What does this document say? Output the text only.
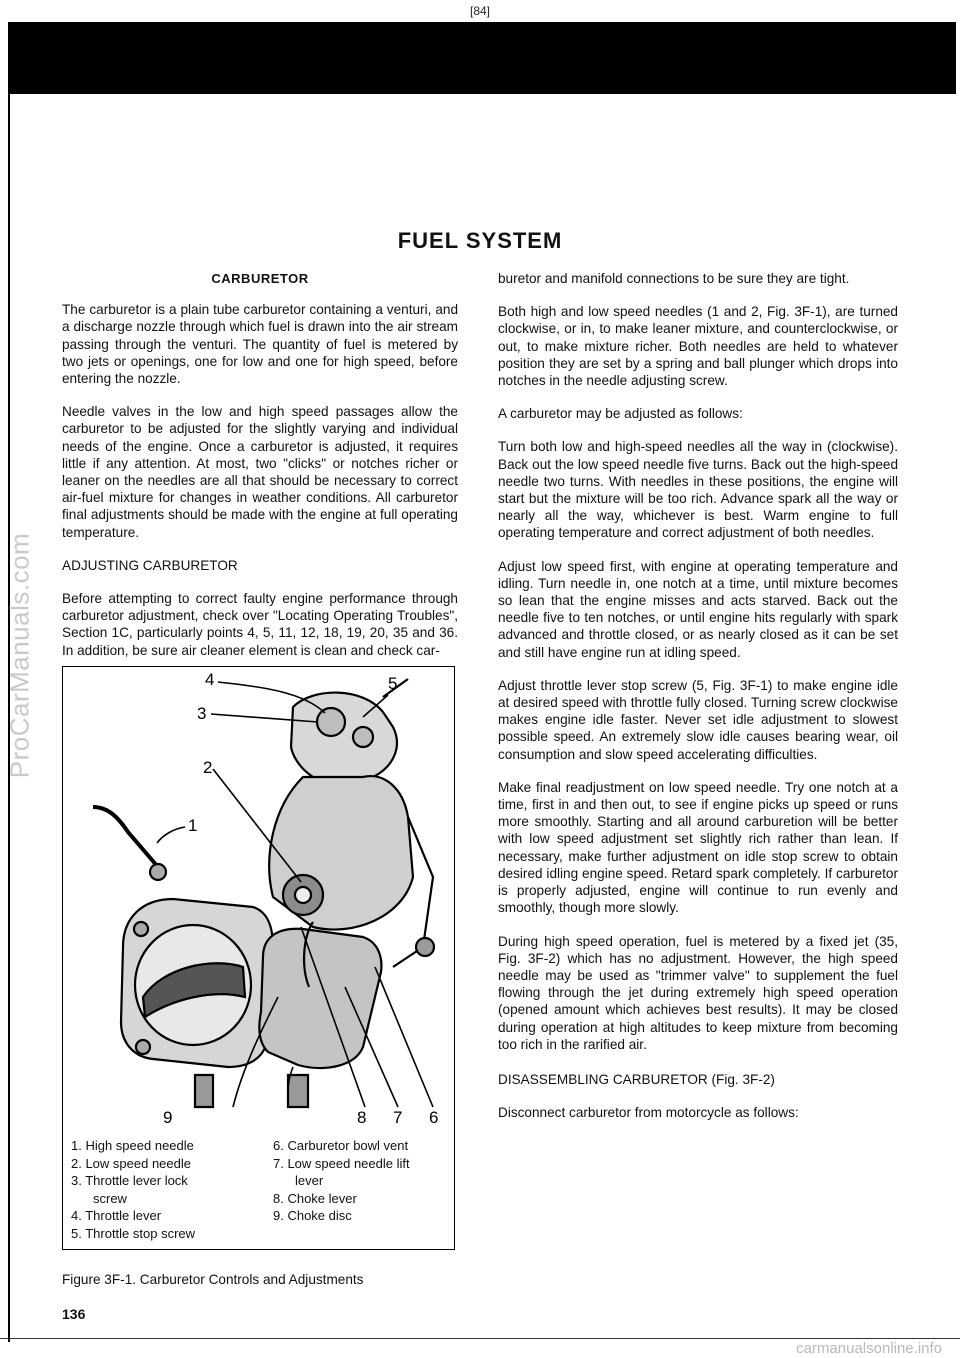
[84]
ProCarManuals.com
FUEL SYSTEM
CARBURETOR

The carburetor is a plain tube carburetor containing a venturi, and a discharge nozzle through which fuel is drawn into the air stream passing through the venturi. The quantity of fuel is metered by two jets or openings, one for low and one for high speed, before entering the nozzle.

Needle valves in the low and high speed passages allow the carburetor to be adjusted for the slightly varying and individual needs of the engine. Once a carburetor is adjusted, it requires little if any attention. At most, two "clicks" or notches richer or leaner on the needles are all that should be necessary to correct air-fuel mixture for changes in weather conditions. All carburetor final adjustments should be made with the engine at full operating temperature.

ADJUSTING CARBURETOR

Before attempting to correct faulty engine performance through carburetor adjustment, check over "Locating Operating Troubles", Section 1C, particularly points 4, 5, 11, 12, 18, 19, 20, 35 and 36. In addition, be sure air cleaner element is clean and check car-

4	5
3
2
1
9	8 7 6

1. High speed needle

2. Low speed needle

3. Throttle lever lock

screw

4. Throttle lever

5. Throttle stop screw

6. Carburetor bowl vent

7. Low speed needle lift

lever

8. Choke lever

9. Choke disc

Figure 3F-1. Carburetor Controls and Adjustments

buretor and manifold connections to be sure they are tight.

Both high and low speed needles (1 and 2, Fig. 3F-1), are turned clockwise, or in, to make leaner mixture, and counterclockwise, or out, to make mixture richer. Both needles are held to whatever position they are set by a spring and ball plunger which drops into notches in the needle adjusting screw.

A carburetor may be adjusted as follows:

Turn both low and high-speed needles all the way in (clockwise). Back out the low speed needle five turns. Back out the high-speed needle two turns. With needles in these positions, the engine will start but the mixture will be too rich. Advance spark all the way or nearly all the way, whichever is best. Warm engine to full operating temperature and correct adjustment of both needles.

Adjust low speed first, with engine at operating temperature and idling. Turn needle in, one notch at a time, until mixture becomes so lean that the engine misses and acts starved. Back out the needle five to ten notches, or until engine hits regularly with spark advanced and throttle closed, or as nearly closed as it can be set and still have engine run at idling speed.

Adjust throttle lever stop screw (5, Fig. 3F-1) to make engine idle at desired speed with throttle fully closed. Turning screw clockwise makes engine idle faster. Never set idle adjustment to slowest possible speed. An extremely slow idle causes bearing wear, oil consumption and slow speed accelerating difficulties.

Make final readjustment on low speed needle. Try one notch at a time, first in and then out, to see if engine picks up speed or runs more smoothly. Starting and all around carburetion will be better with low speed adjustment set slightly rich rather than lean. If necessary, make further adjustment on idle stop screw to obtain desired idling engine speed. Retard spark completely. If carburetor is properly adjusted, engine will continue to run evenly and smoothly, though more slowly.

During high speed operation, fuel is metered by a fixed jet (35, Fig. 3F-2) which has no adjustment. However, the high speed needle may be used as "trimmer valve" to supplement the fuel flowing through the jet during extremely high speed operation (opened amount which achieves best results). It may be closed during operation at high altitudes to keep mixture from becoming too rich in the rarified air.

DISASSEMBLING CARBURETOR (Fig. 3F-2)

Disconnect carburetor from motorcycle as follows:

136
carmanualsonline.info
